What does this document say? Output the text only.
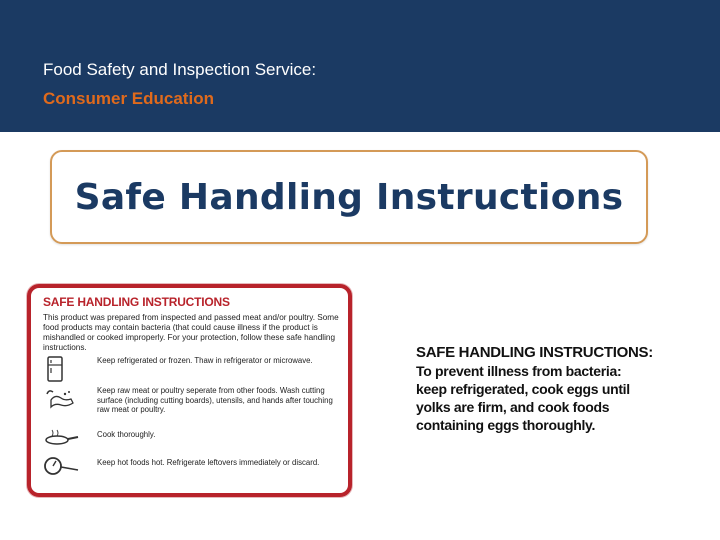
Food Safety and Inspection Service:
Consumer Education
Safe Handling Instructions
SAFE HANDLING INSTRUCTIONS
This product was prepared from inspected and passed meat and/or poultry. Some food products may contain bacteria (that could cause illness if the product is mishandled or cooked improperly. For your protection, follow these safe handling instructions.
Keep refrigerated or frozen. Thaw in refrigerator or microwave.
Keep raw meat or poultry seperate from other foods. Wash cutting surface (including cutting boards), utensils, and hands after touching raw meat or poultry.
Cook thoroughly.
Keep hot foods hot. Refrigerate leftovers immediately or discard.
SAFE HANDLING INSTRUCTIONS:
To prevent illness from bacteria:
keep refrigerated, cook eggs until
yolks are firm, and cook foods
containing eggs thoroughly.
